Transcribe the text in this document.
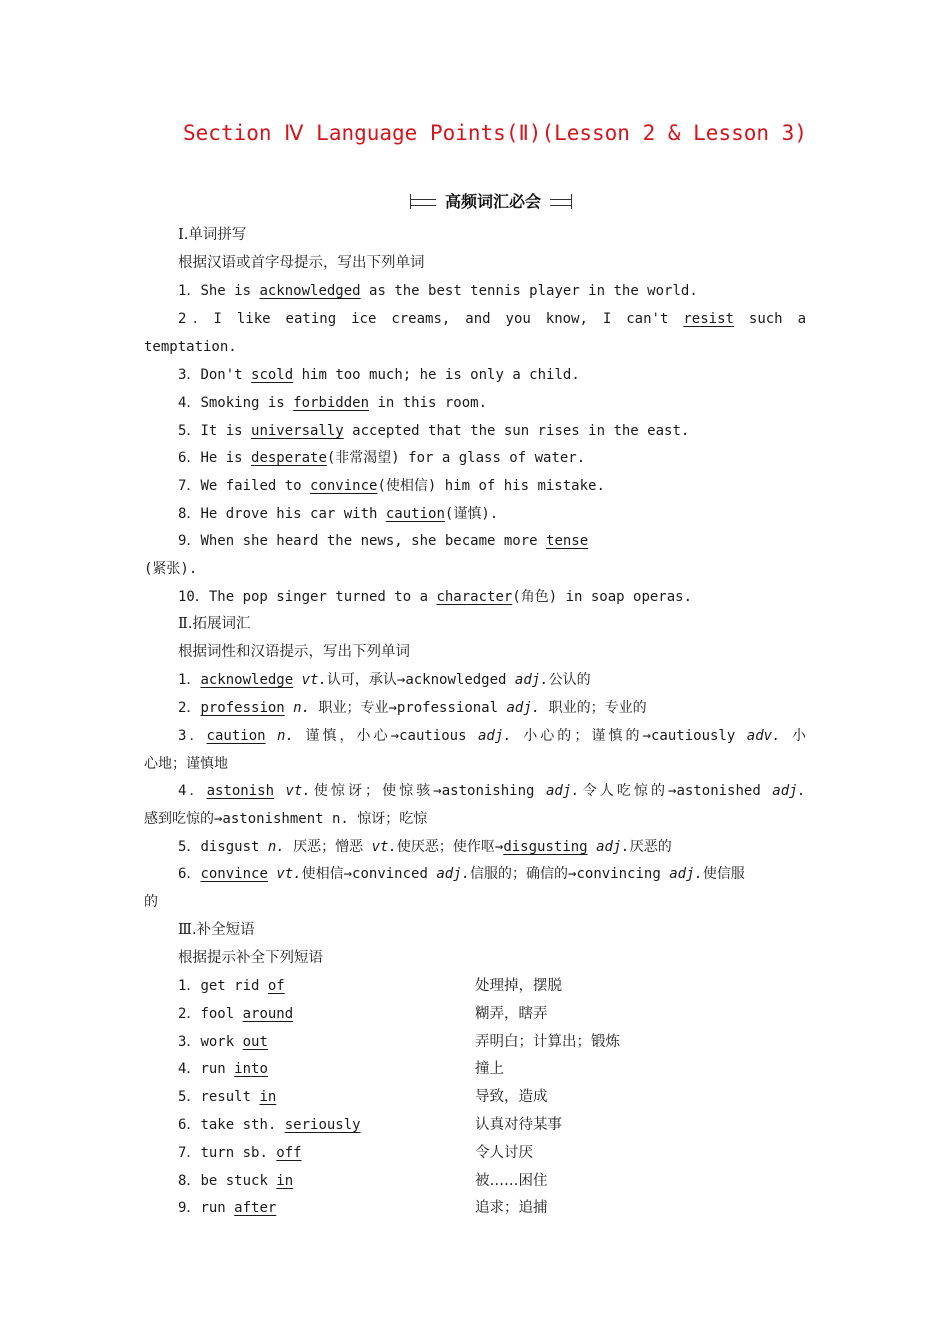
Section Ⅳ Language Points(Ⅱ)(Lesson 2 & Lesson 3)
高频词汇必会
Ⅰ.单词拼写
根据汉语或首字母提示，写出下列单词
1．She is acknowledged as the best tennis player in the world.
2．I like eating ice creams, and you know, I can't resist such a
temptation.
3．Don't scold him too much; he is only a child.
4．Smoking is forbidden in this room.
5．It is universally accepted that the sun rises in the east.
6．He is desperate(非常渴望) for a glass of water.
7．We failed to convince(使相信) him of his mistake.
8．He drove his car with caution(谨慎).
9．When she heard the news, she became more tense
(紧张).
10．The pop singer turned to a character(角色) in soap operas.
Ⅱ.拓展词汇
根据词性和汉语提示，写出下列单词
1．acknowledge vt.认可，承认→acknowledged adj.公认的
2．profession n. 职业；专业→professional adj. 职业的；专业的
3．caution n. 谨慎，小心→cautious adj. 小心的；谨慎的→cautiously adv. 小
心地；谨慎地
4．astonish vt.使惊讶；使惊骇→astonishing adj.令人吃惊的→astonished adj.
感到吃惊的→astonishment n. 惊讶；吃惊
5．disgust n. 厌恶；憎恶 vt.使厌恶；使作呕→disgusting adj.厌恶的
6．convince vt.使相信→convinced adj.信服的；确信的→convincing adj.使信服
的
Ⅲ.补全短语
根据提示补全下列短语
1．get rid of	处理掉，摆脱
2．fool around	糊弄，瞎弄
3．work out	弄明白；计算出；锻炼
4．run into	撞上
5．result in	导致，造成
6．take sth. seriously	认真对待某事
7．turn sb. off	令人讨厌
8．be stuck in	被……困住
9．run after	追求；追捕
